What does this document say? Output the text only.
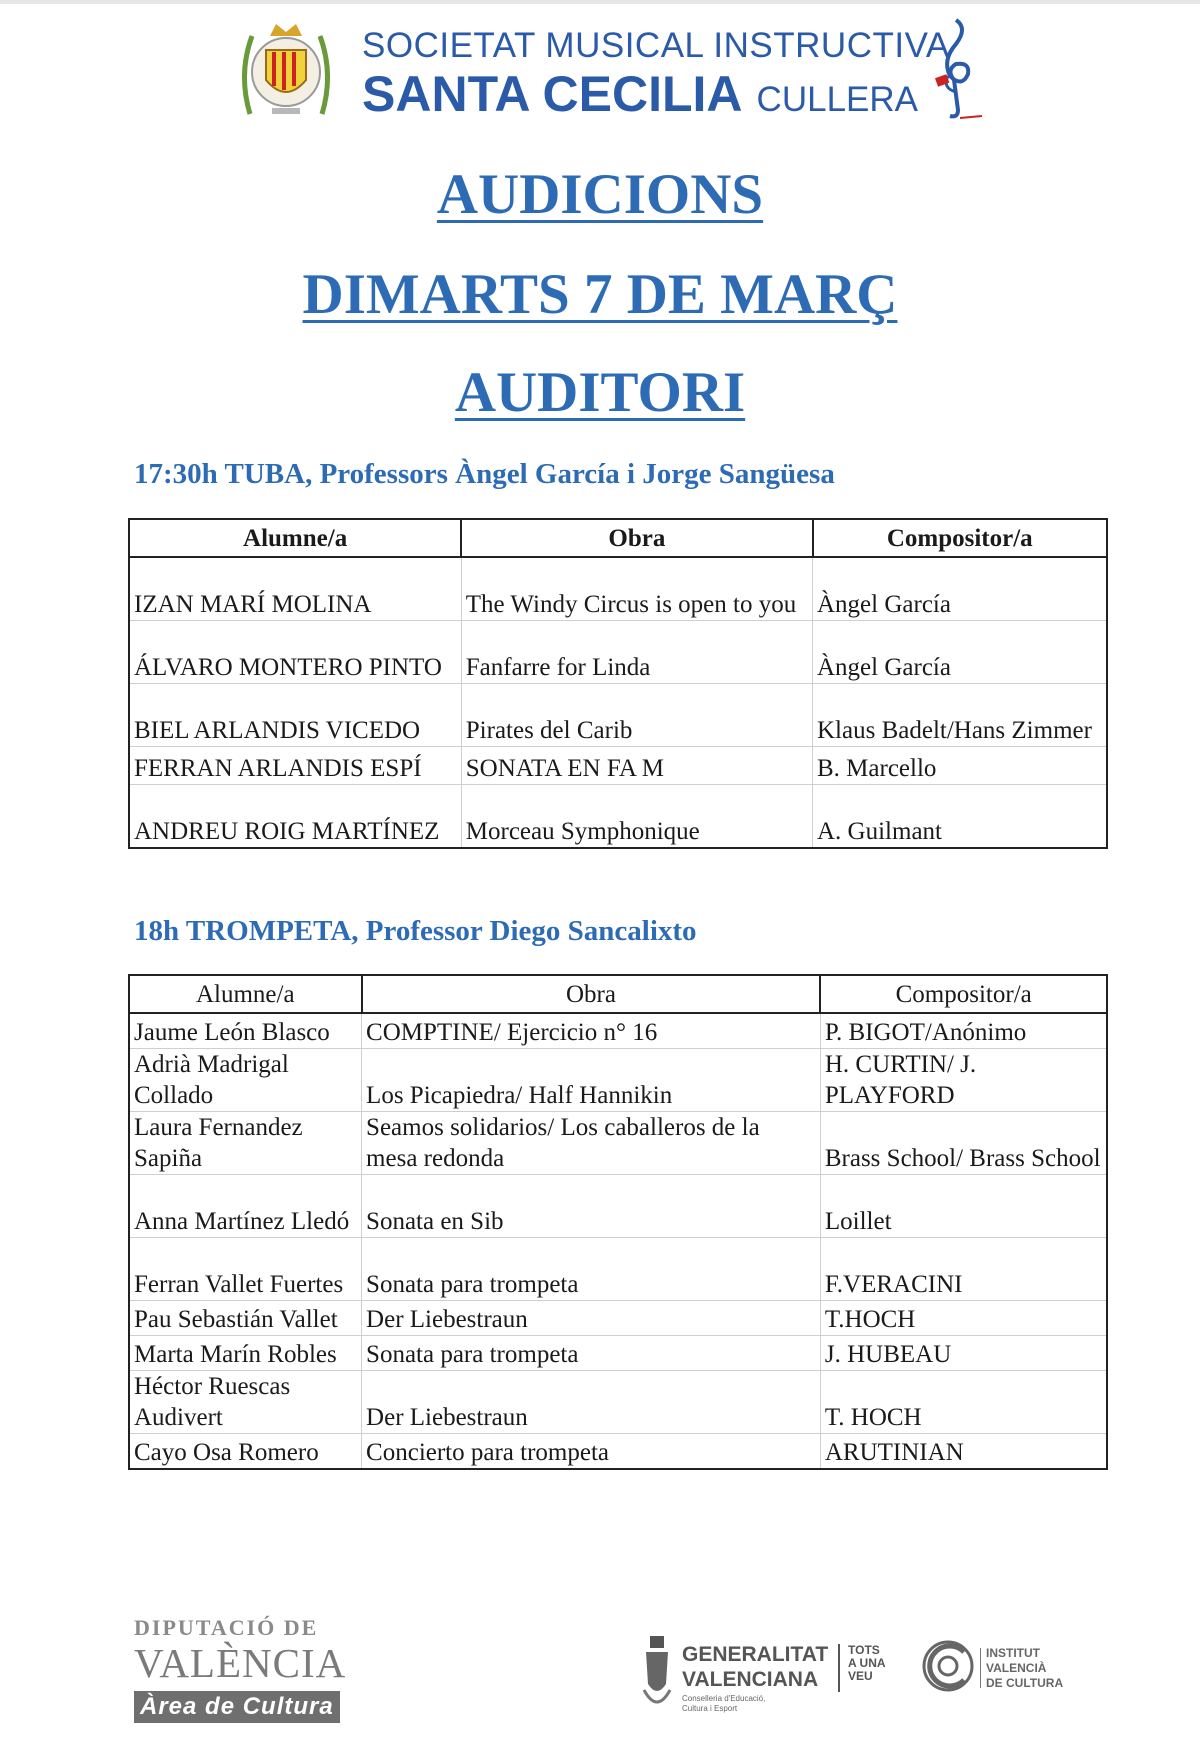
SOCIETAT MUSICAL INSTRUCTIVA
SANTA CECILIA CULLERA
AUDICIONS
DIMARTS 7 DE MARÇ
AUDITORI
17:30h TUBA, Professors Àngel García i Jorge Sangüesa
Alumne/a	Obra	Compositor/a
IZAN MARÍ MOLINA	The Windy Circus is open to you	Àngel García
ÁLVARO MONTERO PINTO	Fanfarre for Linda	Àngel García
BIEL ARLANDIS VICEDO	Pirates del Carib	Klaus Badelt/Hans Zimmer
FERRAN ARLANDIS ESPÍ	SONATA EN FA M	B. Marcello
ANDREU ROIG MARTÍNEZ	Morceau Symphonique	A. Guilmant
18h TROMPETA, Professor Diego Sancalixto
Alumne/a	Obra	Compositor/a
Jaume León Blasco	COMPTINE/ Ejercicio n° 16	P. BIGOT/Anónimo
Adrià Madrigal Collado	Los Picapiedra/ Half Hannikin	H. CURTIN/ J. PLAYFORD
Laura Fernandez Sapiña	Seamos solidarios/ Los caballeros de la mesa redonda	Brass School/ Brass School
Anna Martínez Lledó	Sonata en Sib	Loillet
Ferran Vallet Fuertes	Sonata para trompeta	F.VERACINI
Pau Sebastián Vallet	Der Liebestraun	T.HOCH
Marta Marín Robles	Sonata para trompeta	J. HUBEAU
Héctor Ruescas Audivert	Der Liebestraun	T. HOCH
Cayo Osa Romero	Concierto para trompeta	ARUTINIAN
DIPUTACIÓ DE
VALÈNCIA
Àrea de Cultura
GENERALITAT
VALENCIANA
Conselleria d'Educació,
Cultura i Esport
TOTS
A UNA
VEU
INSTITUT
VALENCIÀ
DE CULTURA
